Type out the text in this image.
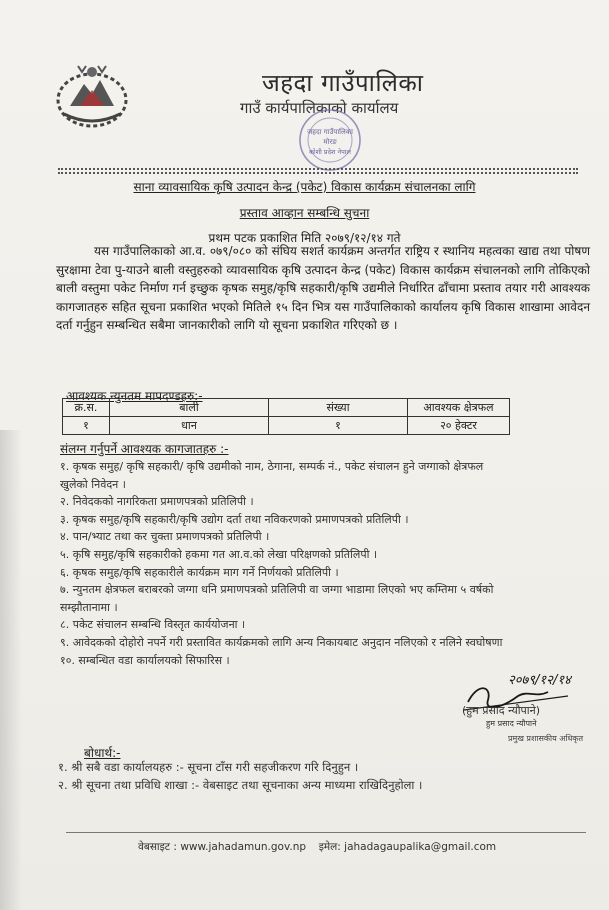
जहदा गाउँपालिका
गाउँ कार्यपालिकाको कार्यालय
जहदा गाउँपालिका
मोरङ
कोशी प्रदेश नेपाल
साना व्यावसायिक कृषि उत्पादन केन्द्र (पकेट) विकास कार्यक्रम संचालनका लागि
प्रस्ताव आव्हान सम्बन्धि सुचना
प्रथम पटक प्रकाशित मिति २०७९/१२/१४ गते
यस गाउँपालिकाको आ.व. ०७९/०८० को संघिय सशर्त कार्यक्रम अन्तर्गत राष्ट्रिय र स्थानिय महत्वका खाद्य तथा पोषण सुरक्षामा टेवा पु-याउने बाली वस्तुहरुको व्यावसायिक कृषि उत्पादन केन्द्र (पकेट) विकास कार्यक्रम संचालनको लागि तोकिएको बाली वस्तुमा पकेट निर्माण गर्न इच्छुक कृषक समुह/कृषि सहकारी/कृषि उद्यमीले निर्धारित ढाँचामा प्रस्ताव तयार गरी आवश्यक कागजातहरु सहित सूचना प्रकाशित भएको मितिले १५ दिन भित्र यस गाउँपालिकाको कार्यालय कृषि विकास शाखामा आवेदन दर्ता गर्नुहुन सम्बन्धित सबैमा जानकारीको लागि यो सूचना प्रकाशित गरिएको छ ।
आवश्यक न्युनतम मापदण्डहरु:-
क्र.स.	बाली	संख्या	आवश्यक क्षेत्रफल
१	धान	१	२० हेक्टर
संलग्न गर्नुपर्ने आवश्यक कागजातहरु :-
१. कृषक समुह/ कृषि सहकारी/ कृषि उद्यमीको नाम, ठेगाना, सम्पर्क नं., पकेट संचालन हुने जग्गाको क्षेत्रफल
खुलेको निवेदन ।
२. निवेदकको नागरिकता प्रमाणपत्रको प्रतिलिपी ।
३. कृषक समुह/कृषि सहकारी/कृषि उद्योग दर्ता तथा नविकरणको प्रमाणपत्रको प्रतिलिपी ।
४. पान/भ्याट तथा कर चुक्ता प्रमाणपत्रको प्रतिलिपी ।
५. कृषि समुह/कृषि सहकारीको हकमा गत आ.व.को लेखा परिक्षणको प्रतिलिपी ।
६. कृषक समुह/कृषि सहकारीले कार्यक्रम माग गर्ने निर्णयको प्रतिलिपी ।
७. न्युनतम क्षेत्रफल बराबरको जग्गा धनि प्रमाणपत्रको प्रतिलिपी वा जग्गा भाडामा लिएको भए कम्तिमा ५ वर्षको
सम्झौतानामा ।
८. पकेट संचालन सम्बन्धि विस्तृत कार्ययोजना ।
९. आवेदकको दोहोरो नपर्ने गरी प्रस्तावित कार्यक्रमको लागि अन्य निकायबाट अनुदान नलिएको र नलिने स्वघोषणा
१०. सम्बन्धित वडा कार्यालयको सिफारिस ।
२०७९/१२/१४
हुम प्रसाद न्यौपाने
(हुम प्रसाद न्यौपाने)
प्रमुख प्रशासकीय अधिकृत
बोधार्थ:-
१. श्री सबै वडा कार्यालयहरु :- सूचना टाँस गरी सहजीकरण गरि दिनुहुन ।
२. श्री सूचना तथा प्रविधि शाखा :- वेबसाइट तथा सूचनाका अन्य माध्यमा राखिदिनुहोला ।
वेबसाइट : www.jahadamun.gov.np इमेल: jahadagaupalika@gmail.com
